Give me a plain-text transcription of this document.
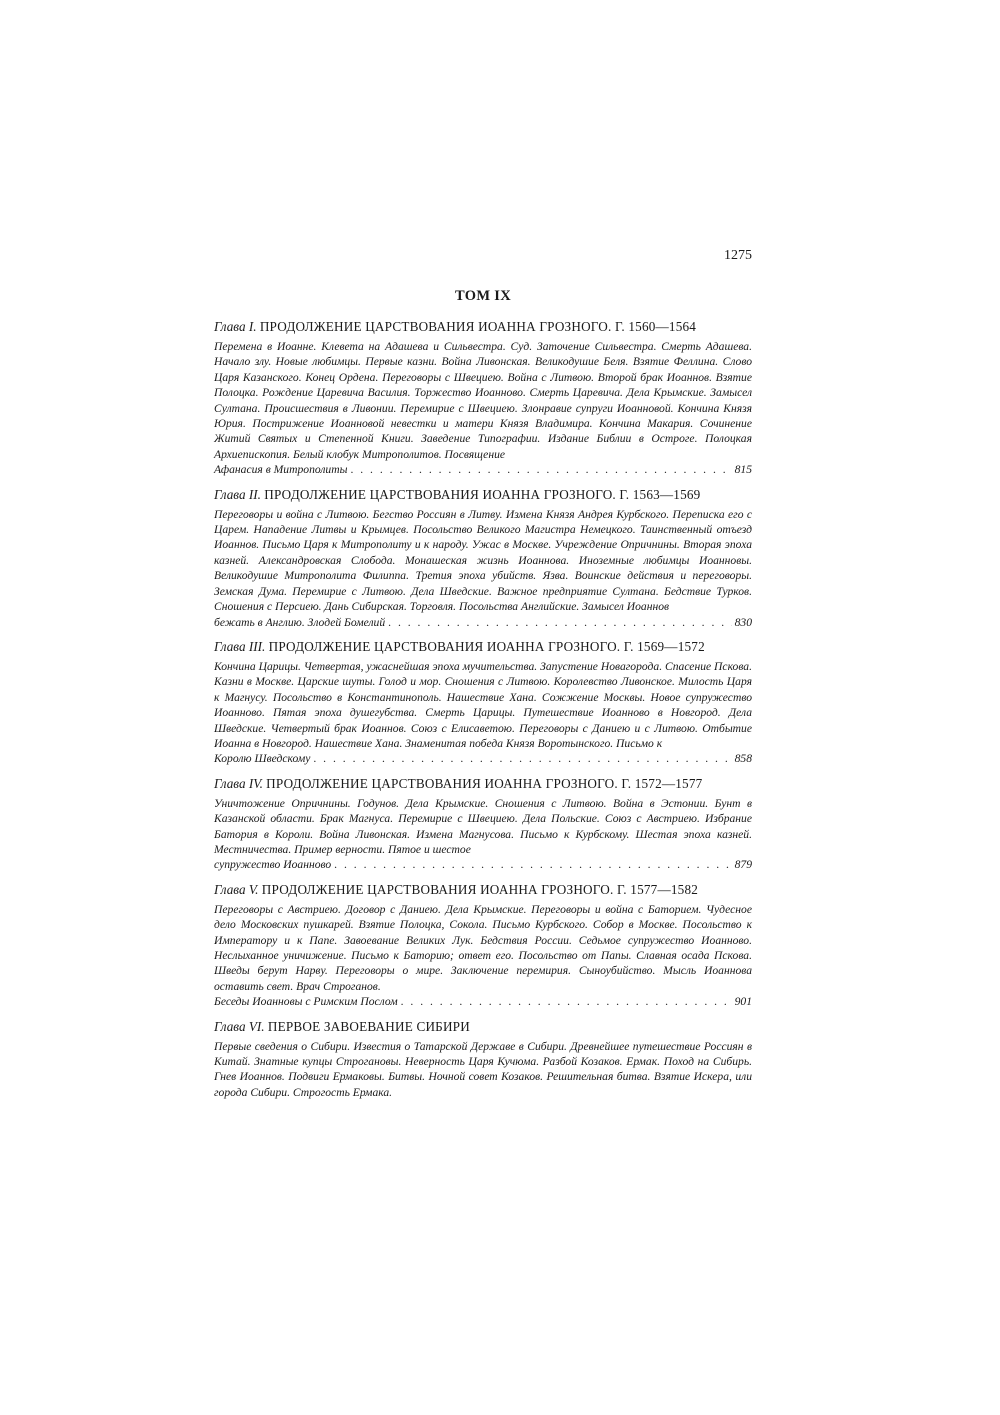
1275
ТОМ IX
Глава I. ПРОДОЛЖЕНИЕ ЦАРСТВОВАНИЯ ИОАННА ГРОЗНОГО. Г. 1560—1564
Перемена в Иоанне. Клевета на Адашева и Сильвестра. Суд. Заточение Сильвестра. Смерть Адашева. Начало злу. Новые любимцы. Первые казни. Война Ливонская. Великодушие Беля. Взятие Феллина. Слово Царя Казанского. Конец Ордена. Переговоры с Швециею. Война с Литвою. Второй брак Иоаннов. Взятие Полоцка. Рождение Царевича Василия. Торжество Иоанново. Смерть Царевича. Дела Крымские. Замысел Султана. Происшествия в Ливонии. Перемирие с Швециею. Злонравие супруги Иоанновой. Кончина Князя Юрия. Пострижение Иоанновой невестки и матери Князя Владимира. Кончина Макария. Сочинение Житий Святых и Степенной Книги. Заведение Типографии. Издание Библии в Остроге. Полоцкая Архиепископия. Белый клобук Митрополитов. Посвящение
Афанасия в Митрополиты . . .	815
Глава II. ПРОДОЛЖЕНИЕ ЦАРСТВОВАНИЯ ИОАННА ГРОЗНОГО. Г. 1563—1569
Переговоры и война с Литвою. Бегство Россиян в Литву. Измена Князя Андрея Курбского. Переписка его с Царем. Нападение Литвы и Крымцев. Посольство Великого Магистра Немецкого. Таинственный отъезд Иоаннов. Письмо Царя к Митрополиту и к народу. Ужас в Москве. Учреждение Опричнины. Вторая эпоха казней. Александровская Слобода. Монашеская жизнь Иоаннова. Иноземные любимцы Иоанновы. Великодушие Митрополита Филиппа. Третия эпоха убийств. Язва. Воинские действия и переговоры. Земская Дума. Перемирие с Литвою. Дела Шведские. Важное предприятие Султана. Бедствие Турков. Сношения с Персиею. Дань Сибирская. Торговля. Посольства Английские. Замысел Иоаннов
бежать в Англию. Злодей Бомелий . . .	830
Глава III. ПРОДОЛЖЕНИЕ ЦАРСТВОВАНИЯ ИОАННА ГРОЗНОГО. Г. 1569—1572
Кончина Царицы. Четвертая, ужаснейшая эпоха мучительства. Запустение Новагорода. Спасение Пскова. Казни в Москве. Царские шуты. Голод и мор. Сношения с Литвою. Королевство Ливонское. Милость Царя к Магнусу. Посольство в Константинополь. Нашествие Хана. Сожжение Москвы. Новое супружество Иоанново. Пятая эпоха душегубства. Смерть Царицы. Путешествие Иоанново в Новгород. Дела Шведские. Четвертый брак Иоаннов. Союз с Елисаветою. Переговоры с Даниею и с Литвою. Отбытие Иоанна в Новгород. Нашествие Хана. Знаменитая победа Князя Воротынского. Письмо к
Королю Шведскому . . .	858
Глава IV. ПРОДОЛЖЕНИЕ ЦАРСТВОВАНИЯ ИОАННА ГРОЗНОГО. Г. 1572—1577
Уничтожение Опричнины. Годунов. Дела Крымские. Сношения с Литвою. Война в Эстонии. Бунт в Казанской области. Брак Магнуса. Перемирие с Швециею. Дела Польские. Союз с Австриею. Избрание Батория в Короли. Война Ливонская. Измена Магнусова. Письмо к Курбскому. Шестая эпоха казней. Местничества. Пример верности. Пятое и шестое
супружество Иоанново . . .	879
Глава V. ПРОДОЛЖЕНИЕ ЦАРСТВОВАНИЯ ИОАННА ГРОЗНОГО. Г. 1577—1582
Переговоры с Австриею. Договор с Даниею. Дела Крымские. Переговоры и война с Баторием. Чудесное дело Московских пушкарей. Взятие Полоцка, Сокола. Письмо Курбского. Собор в Москве. Посольство к Императору и к Папе. Завоевание Великих Лук. Бедствия России. Седьмое супружество Иоанново. Неслыханное уничижение. Письмо к Баторию; ответ его. Посольство от Папы. Славная осада Пскова. Шведы берут Нарву. Переговоры о мире. Заключение перемирия. Сыноубийство. Мысль Иоаннова оставить свет. Врач Строганов.
Беседы Иоанновы с Римским Послом . . .	901
Глава VI. ПЕРВОЕ ЗАВОЕВАНИЕ СИБИРИ
Первые сведения о Сибири. Известия о Татарской Державе в Сибири. Древнейшее путешествие Россиян в Китай. Знатные купцы Строгановы. Неверность Царя Кучюма. Разбой Козаков. Ермак. Поход на Сибирь. Гнев Иоаннов. Подвиги Ермаковы. Битвы. Ночной совет Козаков. Решительная битва. Взятие Искера, или города Сибири. Строгость Ермака.
